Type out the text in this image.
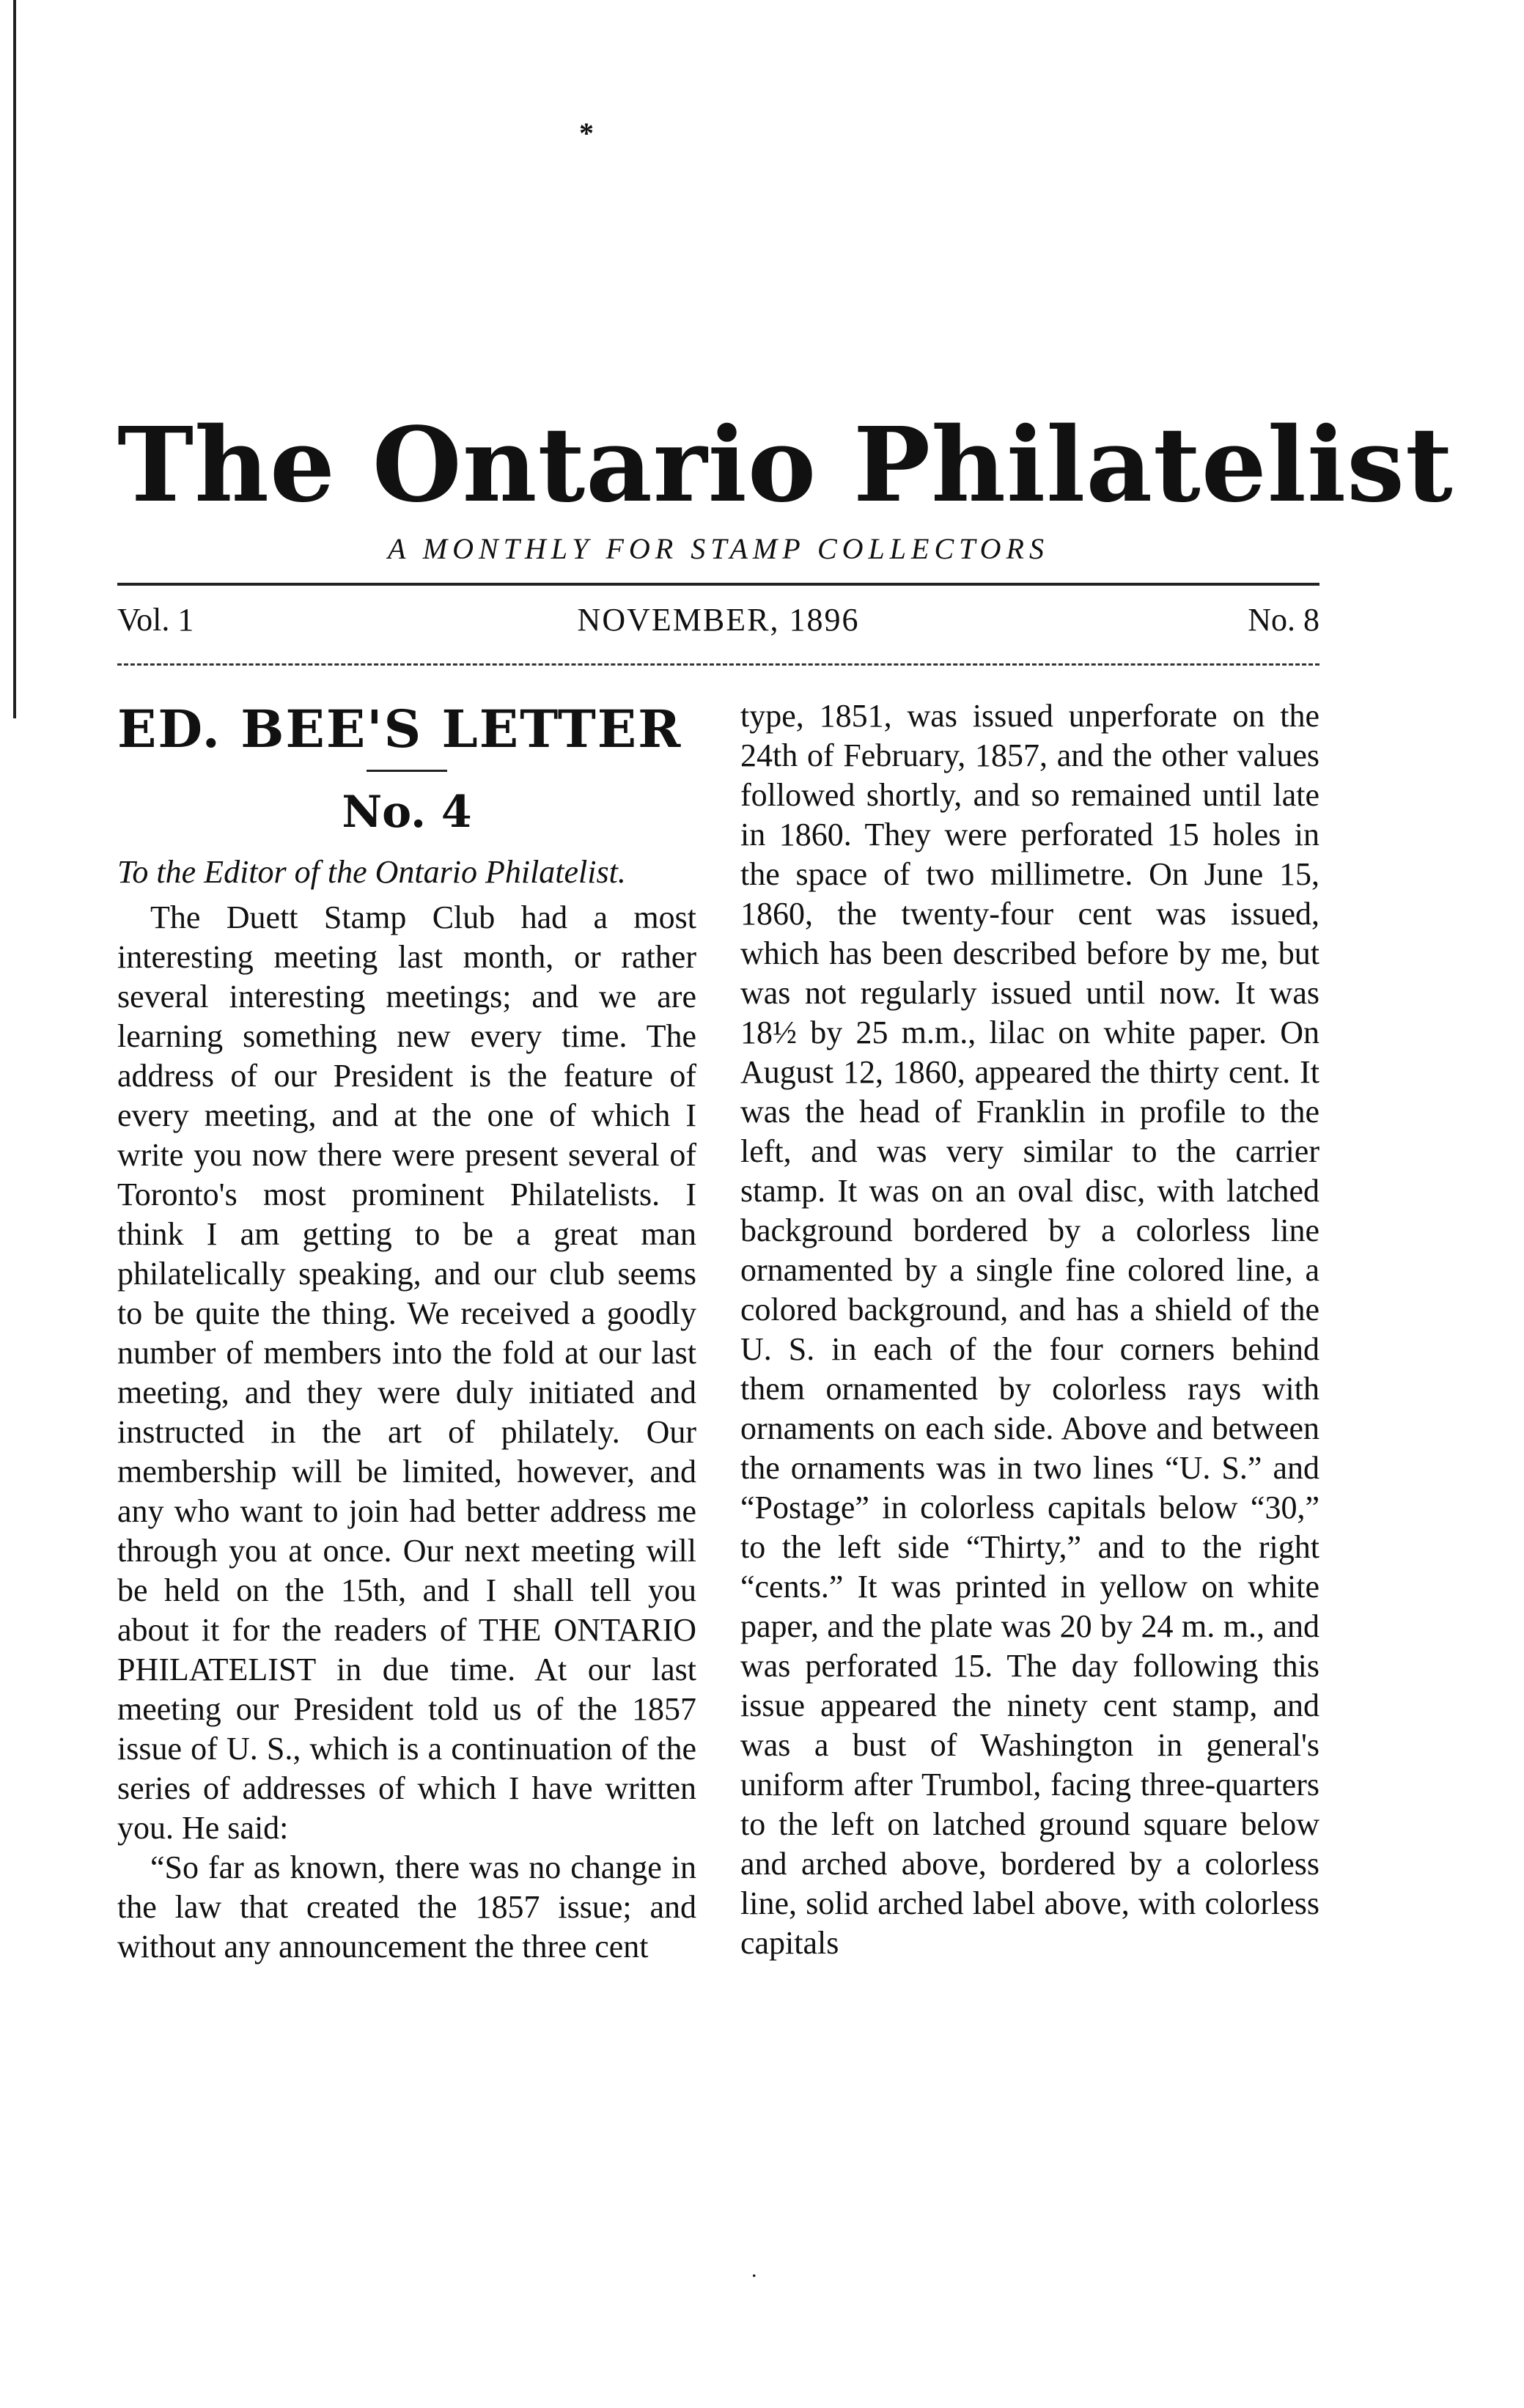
*
The Ontario Philatelist
A MONTHLY FOR STAMP COLLECTORS
Vol. 1	NOVEMBER, 1896	No. 8
ED. BEE'S LETTER
No. 4
To the Editor of the Ontario Philatelist.

The Duett Stamp Club had a most interesting meeting last month, or rather several interesting meetings; and we are learning something new every time. The address of our President is the feature of every meeting, and at the one of which I write you now there were present several of Toronto's most prominent Philatelists. I think I am getting to be a great man philatelically speaking, and our club seems to be quite the thing. We received a goodly number of members into the fold at our last meeting, and they were duly initiated and instructed in the art of philately. Our membership will be limited, however, and any who want to join had better address me through you at once. Our next meeting will be held on the 15th, and I shall tell you about it for the readers of THE ONTARIO PHILATELIST in due time. At our last meeting our President told us of the 1857 issue of U. S., which is a continuation of the series of addresses of which I have written you. He said:

“So far as known, there was no change in the law that created the 1857 issue; and without any announcement the three cent

type, 1851, was issued unperforate on the 24th of February, 1857, and the other values followed shortly, and so remained until late in 1860. They were perforated 15 holes in the space of two millimetre. On June 15, 1860, the twenty-four cent was issued, which has been described before by me, but was not regularly issued until now. It was 18½ by 25 m.m., lilac on white paper. On August 12, 1860, appeared the thirty cent. It was the head of Franklin in profile to the left, and was very similar to the carrier stamp. It was on an oval disc, with latched background bordered by a colorless line ornamented by a single fine colored line, a colored background, and has a shield of the U. S. in each of the four corners behind them ornamented by colorless rays with ornaments on each side. Above and between the ornaments was in two lines “U. S.” and “Postage” in colorless capitals below “30,” to the left side “Thirty,” and to the right “cents.” It was printed in yellow on white paper, and the plate was 20 by 24 m. m., and was perforated 15. The day following this issue appeared the ninety cent stamp, and was a bust of Washington in general's uniform after Trumbol, facing three-quarters to the left on latched ground square below and arched above, bordered by a colorless line, solid arched label above, with colorless capitals

.
